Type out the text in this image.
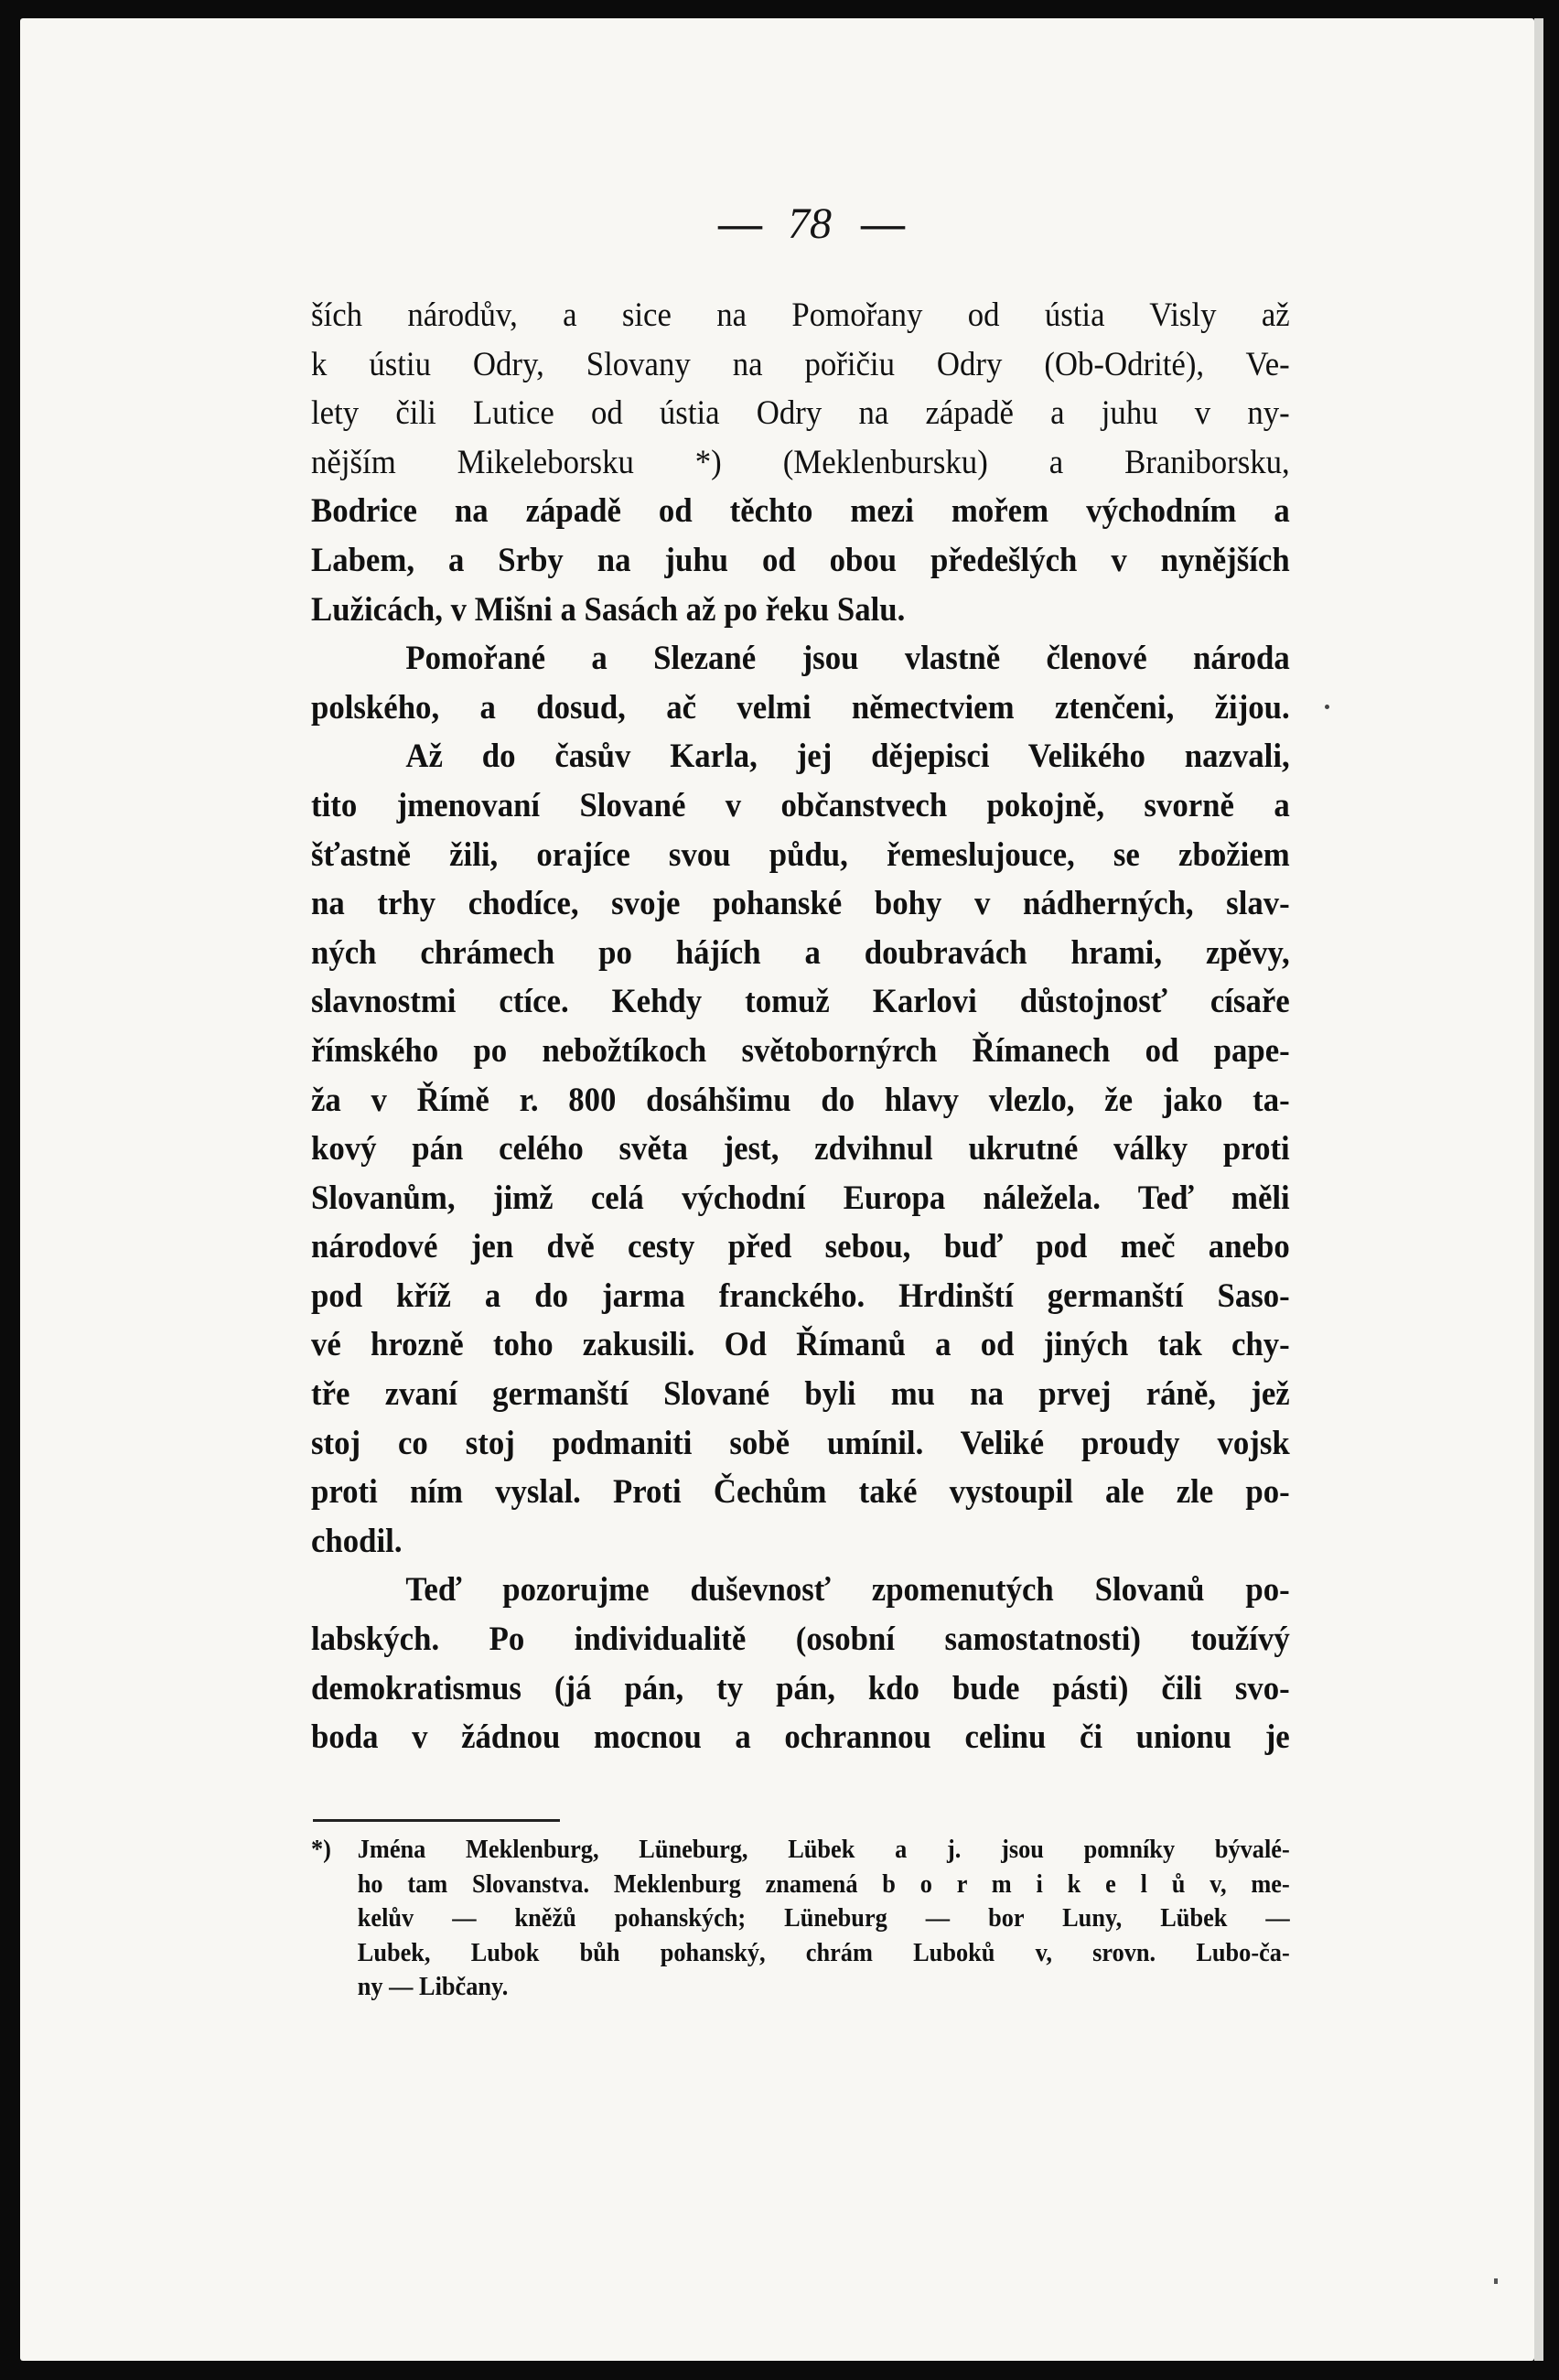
— 78 —
ších národův, a sice na Pomořany od ústia Visly až
k ústiu Odry, Slovany na pořičiu Odry (Ob-Odrité), Ve-
lety čili Lutice od ústia Odry na západě a juhu v ny-
nějším Mikeleborsku *) (Meklenbursku) a Braniborsku,
Bodrice na západě od těchto mezi mořem východním a
Labem, a Srby na juhu od obou předešlých v nynějších
Lužicách, v Mišni a Sasách až po řeku Salu.
Pomořané a Slezané jsou vlastně členové národa
polského, a dosud, ač velmi němectviem ztenčeni, žijou.
Až do časův Karla, jej dějepisci Velikého nazvali,
tito jmenovaní Slované v občanstvech pokojně, svorně a
šťastně žili, orajíce svou půdu, řemeslujouce, se zbožiem
na trhy chodíce, svoje pohanské bohy v nádherných, slav-
ných chrámech po hájích a doubravách hrami, zpěvy,
slavnostmi ctíce. Kehdy tomuž Karlovi důstojnosť císaře
římského po nebožtíkoch světobornýrch Římanech od pape-
ža v Římě r. 800 dosáhšimu do hlavy vlezlo, že jako ta-
kový pán celého světa jest, zdvihnul ukrutné války proti
Slovanům, jimž celá východní Europa náležela. Teď měli
národové jen dvě cesty před sebou, buď pod meč anebo
pod kříž a do jarma franckého. Hrdinští germanští Saso-
vé hrozně toho zakusili. Od Římanů a od jiných tak chy-
tře zvaní germanští Slované byli mu na prvej ráně, jež
stoj co stoj podmaniti sobě umínil. Veliké proudy vojsk
proti ním vyslal. Proti Čechům také vystoupil ale zle po-
chodil.
Teď pozorujme duševnosť zpomenutých Slovanů po-
labských. Po individualitě (osobní samostatnosti) toužívý
demokratismus (já pán, ty pán, kdo bude pásti) čili svo-
boda v žádnou mocnou a ochrannou celinu či unionu je
*) Jména Meklenburg, Lüneburg, Lübek a j. jsou pomníky bývalé-
ho tam Slovanstva. Meklenburg znamená b o r m i k e l ů v, me-
kelův — kněžů pohanských; Lüneburg — bor Luny, Lübek —
Lubek, Lubok bůh pohanský, chrám Luboků v, srovn. Lubo-ča-
ny — Libčany.
